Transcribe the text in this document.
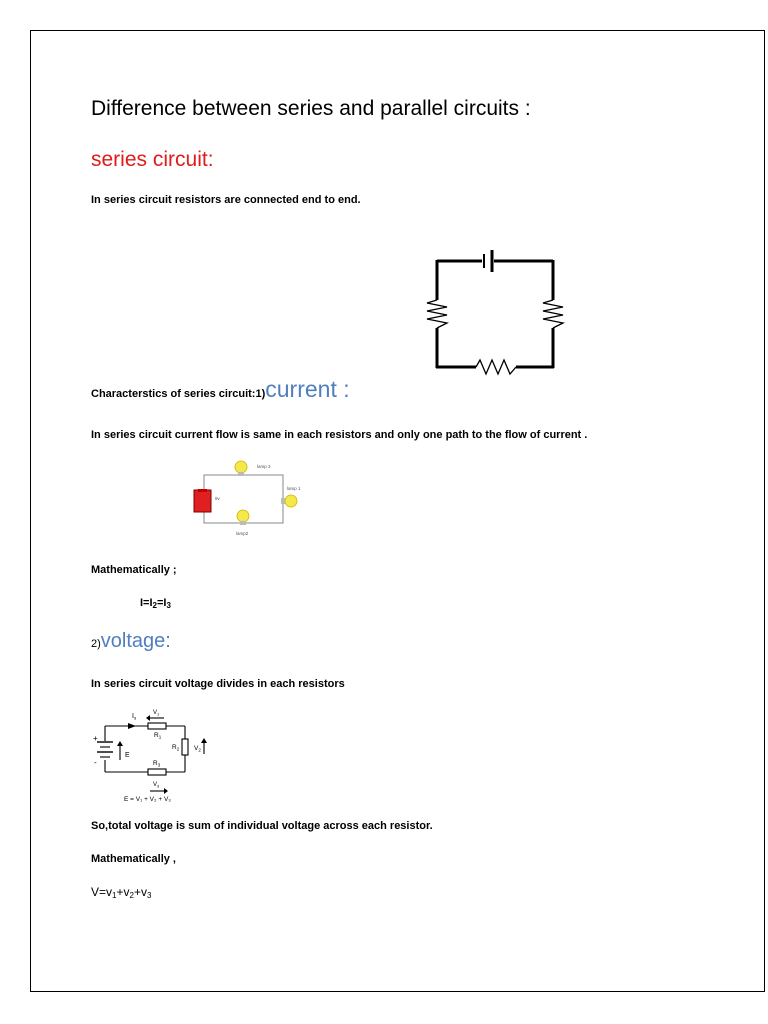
Difference between series and parallel circuits :
series circuit:
In series circuit resistors are connected end to end.
Characterstics of series circuit:1)current :
In series circuit current flow is same in each resistors and only one path to the flow of current .
lamp 3
lamp 1
lamp2
9v
Mathematically ;
$I=I_2=I_3$
2)voltage:
In series circuit voltage divides in each resistors
$I_s$
$V_1$
$R_1$
$R_2$ $V_2$
$R_3$
$V_3$
E
+
-
E = V₁ + V₂ + V₃
So,total voltage is sum of individual voltage across each resistor.
Mathematically ,
$V=v_1+v_2+v_3$
